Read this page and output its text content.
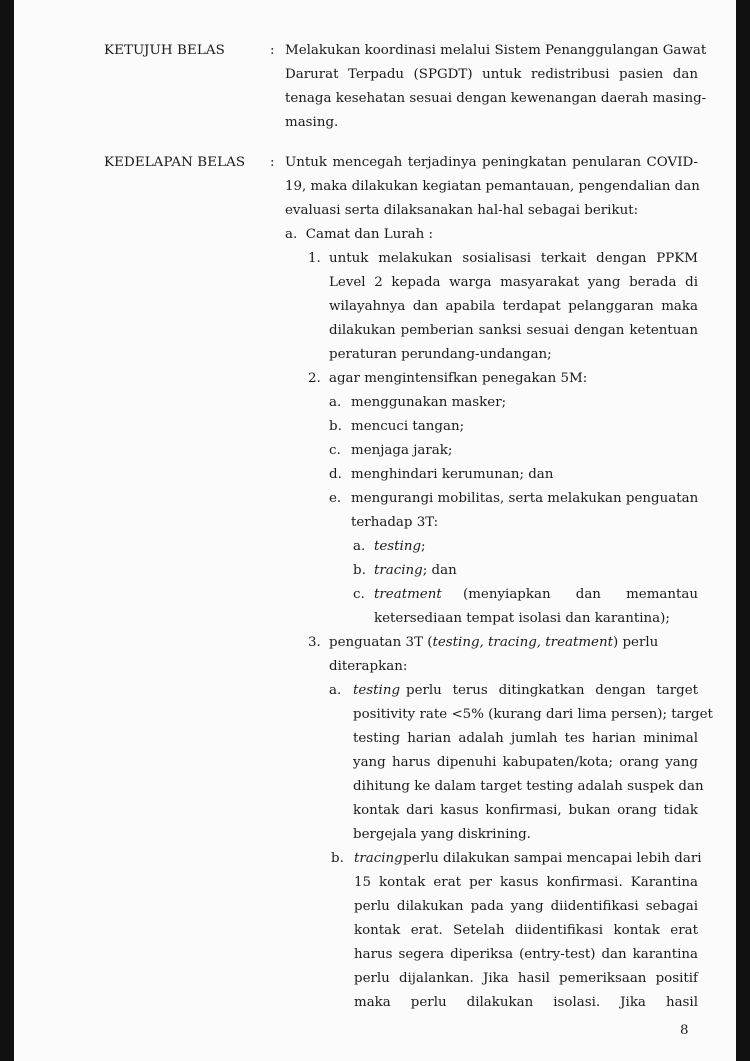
KETUJUH BELAS	: Melakukan koordinasi melalui Sistem Penanggulangan Gawat
Darurat Terpadu (SPGDT) untuk redistribusi pasien dan
tenaga kesehatan sesuai dengan kewenangan daerah masing-
masing.
KEDELAPAN BELAS : Untuk mencegah terjadinya peningkatan penularan COVID-
19, maka dilakukan kegiatan pemantauan, pengendalian dan
evaluasi serta dilaksanakan hal-hal sebagai berikut:
a.  Camat dan Lurah :
1. untuk melakukan sosialisasi terkait dengan PPKM
Level 2 kepada warga masyarakat yang berada di
wilayahnya dan apabila terdapat pelanggaran maka
dilakukan pemberian sanksi sesuai dengan ketentuan
peraturan perundang-undangan;
2. agar mengintensifkan penegakan 5M:
a. menggunakan masker;
b. mencuci tangan;
c. menjaga jarak;
d. menghindari kerumunan; dan
e. mengurangi mobilitas, serta melakukan penguatan
terhadap 3T:
a. testing;
b. tracing; dan
c. treatment (menyiapkan dan memantau
ketersediaan tempat isolasi dan karantina);
3. penguatan 3T (testing, tracing, treatment) perlu
diterapkan:
a. testing perlu terus ditingkatkan dengan target
positivity rate <5% (kurang dari lima persen); target
testing harian adalah jumlah tes harian minimal
yang harus dipenuhi kabupaten/kota; orang yang
dihitung ke dalam target testing adalah suspek dan
kontak dari kasus konfirmasi, bukan orang tidak
bergejala yang diskrining.
b. tracing perlu dilakukan sampai mencapai lebih dari
15 kontak erat per kasus konfirmasi. Karantina
perlu dilakukan pada yang diidentifikasi sebagai
kontak erat. Setelah diidentifikasi kontak erat
harus segera diperiksa (entry-test) dan karantina
perlu dijalankan. Jika hasil pemeriksaan positif
maka perlu dilakukan isolasi. Jika hasil
8
